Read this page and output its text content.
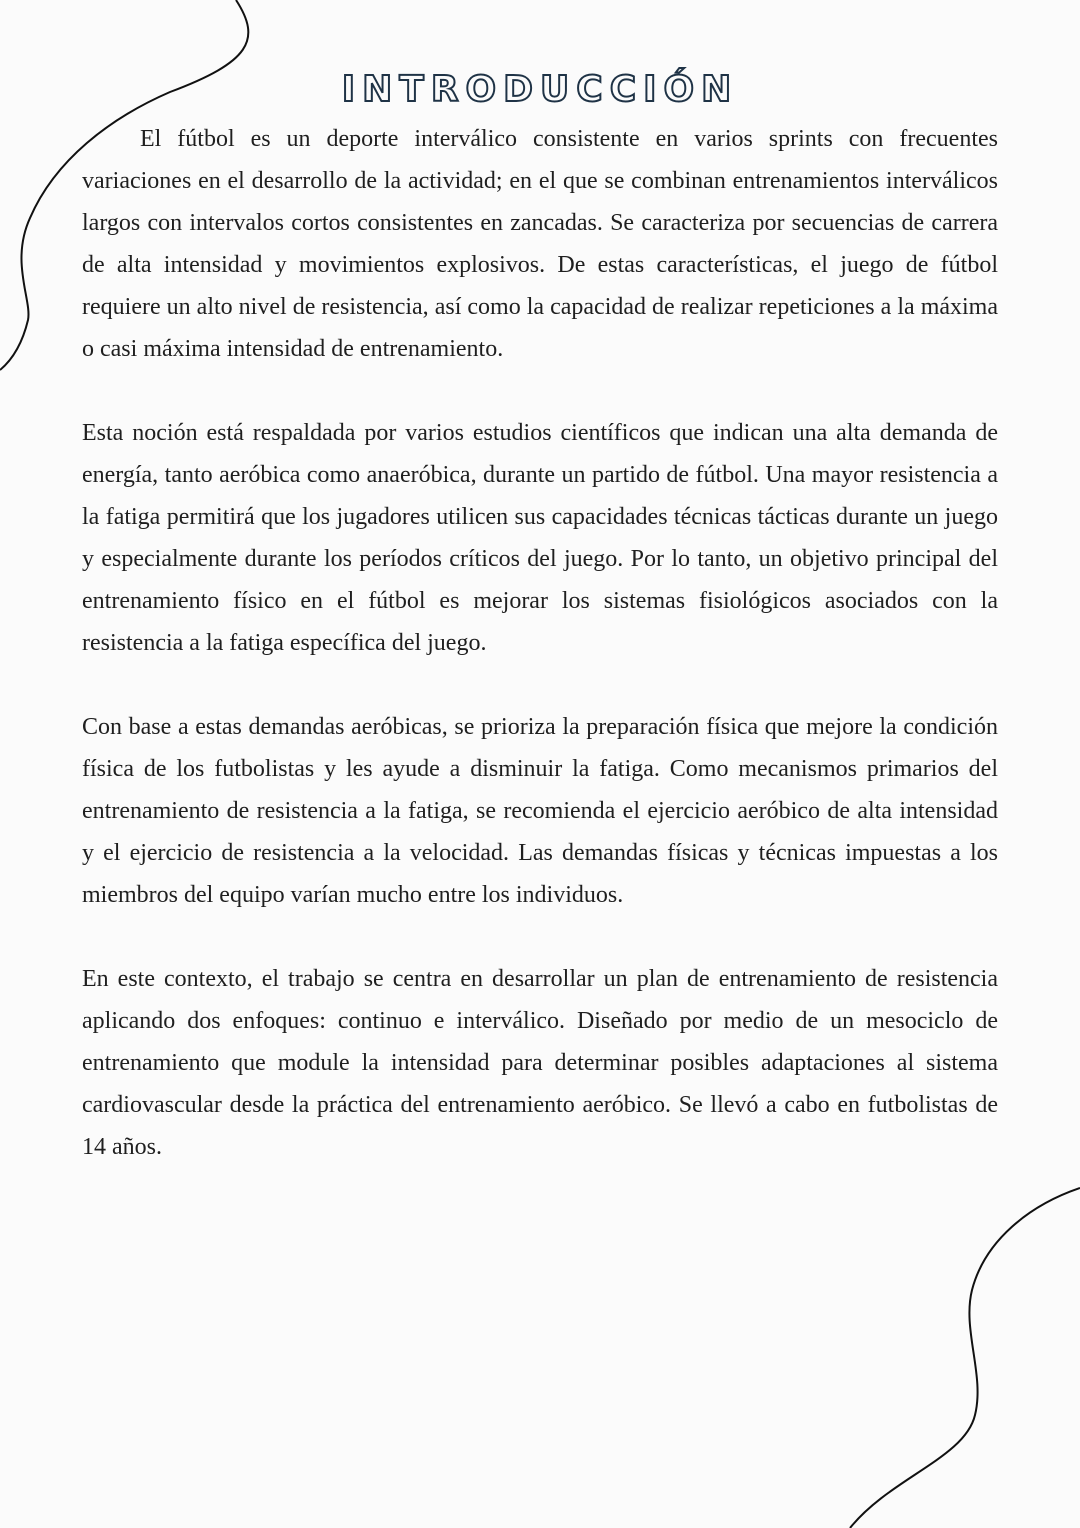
INTRODUCCIÓN

El fútbol es un deporte interválico consistente en varios sprints con frecuentes variaciones en el desarrollo de la actividad; en el que se combinan entrenamientos interválicos largos con intervalos cortos consistentes en zancadas. Se caracteriza por secuencias de carrera de alta intensidad y movimientos explosivos. De estas características, el juego de fútbol requiere un alto nivel de resistencia, así como la capacidad de realizar repeticiones a la máxima o casi máxima intensidad de entrenamiento.

Esta noción está respaldada por varios estudios científicos que indican una alta demanda de energía, tanto aeróbica como anaeróbica, durante un partido de fútbol. Una mayor resistencia a la fatiga permitirá que los jugadores utilicen sus capacidades técnicas tácticas durante un juego y especialmente durante los períodos críticos del juego. Por lo tanto, un objetivo principal del entrenamiento físico en el fútbol es mejorar los sistemas fisiológicos asociados con la resistencia a la fatiga específica del juego.

Con base a estas demandas aeróbicas, se prioriza la preparación física que mejore la condición física de los futbolistas y les ayude a disminuir la fatiga. Como mecanismos primarios del entrenamiento de resistencia a la fatiga, se recomienda el ejercicio aeróbico de alta intensidad y el ejercicio de resistencia a la velocidad. Las demandas físicas y técnicas impuestas a los miembros del equipo varían mucho entre los individuos.

En este contexto, el trabajo se centra en desarrollar un plan de entrenamiento de resistencia aplicando dos enfoques: continuo e interválico. Diseñado por medio de un mesociclo de entrenamiento que module la intensidad para determinar posibles adaptaciones al sistema cardiovascular desde la práctica del entrenamiento aeróbico. Se llevó a cabo en futbolistas de 14 años.
